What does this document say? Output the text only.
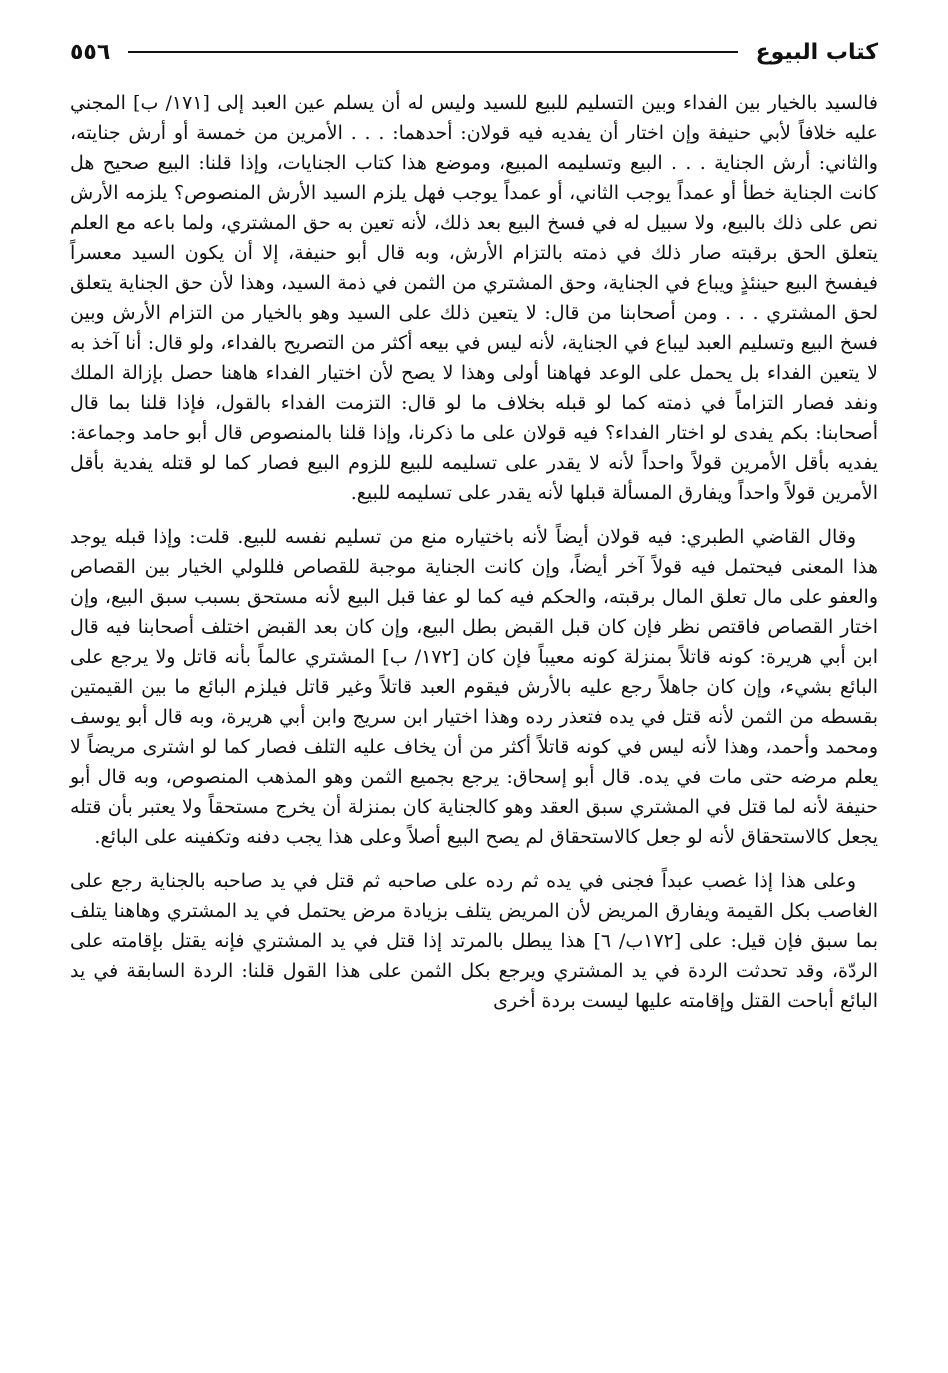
كتاب البيوع
٥٥٦

فالسيد بالخيار بين الفداء وبين التسليم للبيع للسيد وليس له أن يسلم عين العبد إلى [١٧١/ ب] المجني عليه خلافاً لأبي حنيفة وإن اختار أن يفديه فيه قولان: أحدهما: . . . الأمرين من خمسة أو أرش جنايته، والثاني: أرش الجناية . . . البيع وتسليمه المبيع، وموضع هذا كتاب الجنايات، وإذا قلنا: البيع صحيح هل كانت الجناية خطأ أو عمداً يوجب الثاني، أو عمداً يوجب فهل يلزم السيد الأرش المنصوص؟ يلزمه الأرش نص على ذلك بالبيع، ولا سبيل له في فسخ البيع بعد ذلك، لأنه تعين به حق المشتري، ولما باعه مع العلم يتعلق الحق برقبته صار ذلك في ذمته بالتزام الأرش، وبه قال أبو حنيفة، إلا أن يكون السيد معسراً فيفسخ البيع حينئذٍ ويباع في الجناية، وحق المشتري من الثمن في ذمة السيد، وهذا لأن حق الجناية يتعلق لحق المشتري . . . ومن أصحابنا من قال: لا يتعين ذلك على السيد وهو بالخيار من التزام الأرش وبين فسخ البيع وتسليم العبد ليباع في الجناية، لأنه ليس في بيعه أكثر من التصريح بالفداء، ولو قال: أنا آخذ به لا يتعين الفداء بل يحمل على الوعد فهاهنا أولى وهذا لا يصح لأن اختيار الفداء هاهنا حصل بإزالة الملك ونفد فصار التزاماً في ذمته كما لو قبله بخلاف ما لو قال: التزمت الفداء بالقول، فإذا قلنا بما قال أصحابنا: بكم يفدى لو اختار الفداء؟ فيه قولان على ما ذكرنا، وإذا قلنا بالمنصوص قال أبو حامد وجماعة: يفديه بأقل الأمرين قولاً واحداً لأنه لا يقدر على تسليمه للبيع للزوم البيع فصار كما لو قتله يفدية بأقل الأمرين قولاً واحداً ويفارق المسألة قبلها لأنه يقدر على تسليمه للبيع.

وقال القاضي الطبري: فيه قولان أيضاً لأنه باختياره منع من تسليم نفسه للبيع. قلت: وإذا قبله يوجد هذا المعنى فيحتمل فيه قولاً آخر أيضاً، وإن كانت الجناية موجبة للقصاص فللولي الخيار بين القصاص والعفو على مال تعلق المال برقبته، والحكم فيه كما لو عفا قبل البيع لأنه مستحق بسبب سبق البيع، وإن اختار القصاص فاقتص نظر فإن كان قبل القبض بطل البيع، وإن كان بعد القبض اختلف أصحابنا فيه قال ابن أبي هريرة: كونه قاتلاً بمنزلة كونه معيباً فإن كان [١٧٢/ ب] المشتري عالماً بأنه قاتل ولا يرجع على البائع بشيء، وإن كان جاهلاً رجع عليه بالأرش فيقوم العبد قاتلاً وغير قاتل فيلزم البائع ما بين القيمتين بقسطه من الثمن لأنه قتل في يده فتعذر رده وهذا اختيار ابن سريج وابن أبي هريرة، وبه قال أبو يوسف ومحمد وأحمد، وهذا لأنه ليس في كونه قاتلاً أكثر من أن يخاف عليه التلف فصار كما لو اشترى مريضاً لا يعلم مرضه حتى مات في يده. قال أبو إسحاق: يرجع بجميع الثمن وهو المذهب المنصوص، وبه قال أبو حنيفة لأنه لما قتل في المشتري سبق العقد وهو كالجناية كان بمنزلة أن يخرج مستحقاً ولا يعتبر بأن قتله يجعل كالاستحقاق لأنه لو جعل كالاستحقاق لم يصح البيع أصلاً وعلى هذا يجب دفنه وتكفينه على البائع.

وعلى هذا إذا غصب عبداً فجنى في يده ثم رده على صاحبه ثم قتل في يد صاحبه بالجناية رجع على الغاصب بكل القيمة ويفارق المريض لأن المريض يتلف بزيادة مرض يحتمل في يد المشتري وهاهنا يتلف بما سبق فإن قيل: على [١٧٢ب/ ٦] هذا يبطل بالمرتد إذا قتل في يد المشتري فإنه يقتل بإقامته على الردّة، وقد تحدثت الردة في يد المشتري ويرجع بكل الثمن على هذا القول قلنا: الردة السابقة في يد البائع أباحت القتل وإقامته عليها ليست بردة أخرى
